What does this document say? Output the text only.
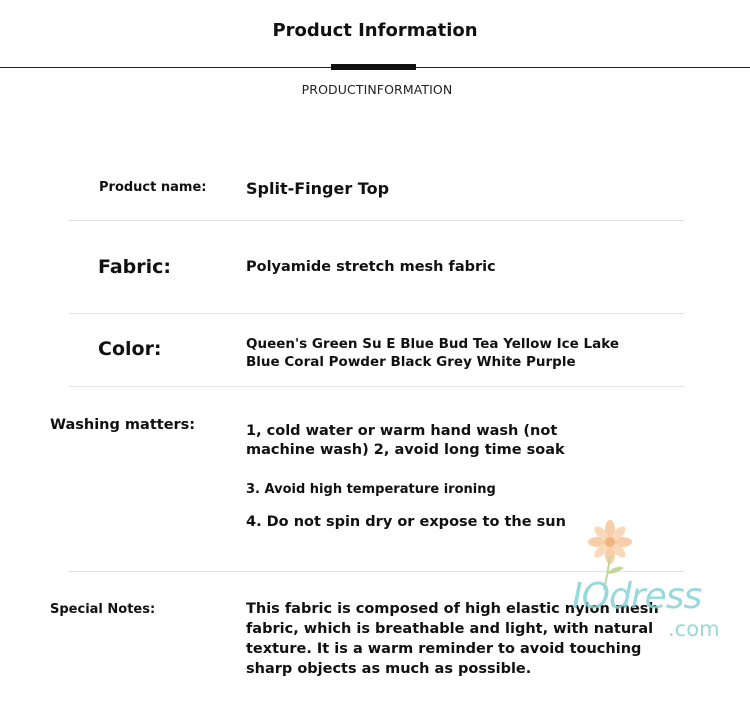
Product Information
PRODUCTINFORMATION
Product name: Split-Finger Top
Fabric:	Polyamide stretch mesh fabric
Color:	Queen's Green Su E Blue Bud Tea Yellow Ice Lake
Blue Coral Powder Black Grey White Purple
Washing matters:	1, cold water or warm hand wash (not
machine wash) 2, avoid long time soak
3. Avoid high temperature ironing
4. Do not spin dry or expose to the sun
Special Notes:	This fabric is composed of high elastic nylon mesh
fabric, which is breathable and light, with natural
texture. It is a warm reminder to avoid touching
sharp objects as much as possible.
IOdress
.com
